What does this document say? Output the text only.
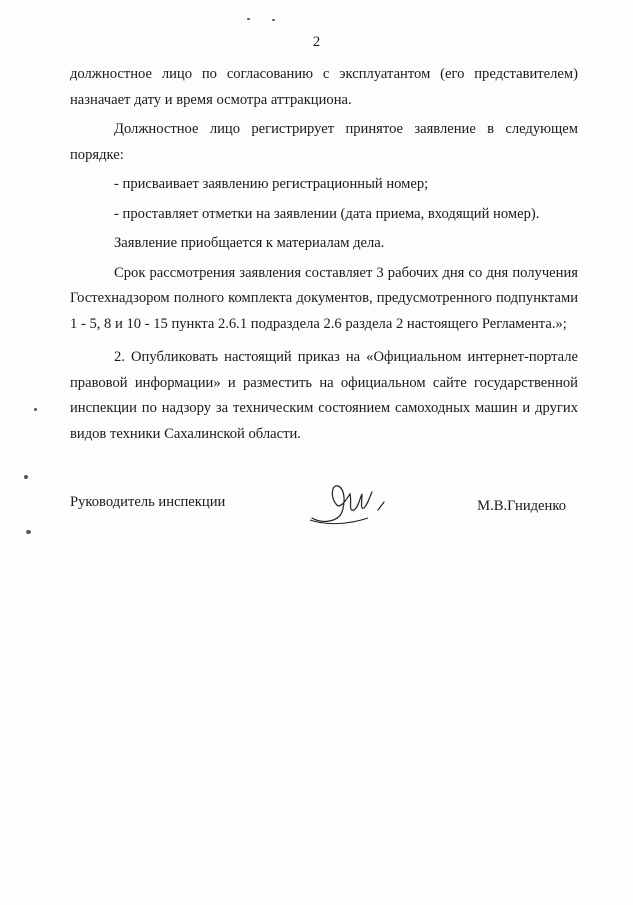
2

должностное лицо по согласованию с эксплуатантом (его представителем) назначает дату и время осмотра аттракциона.

Должностное лицо регистрирует принятое заявление в следующем порядке:

- присваивает заявлению регистрационный номер;

- проставляет отметки на заявлении (дата приема, входящий номер).

Заявление приобщается к материалам дела.

Срок рассмотрения заявления составляет 3 рабочих дня со дня получения Гостехнадзором полного комплекта документов, предусмотренного подпунктами 1 - 5, 8 и 10 - 15 пункта 2.6.1 подраздела 2.6 раздела 2 настоящего Регламента.»;

2. Опубликовать настоящий приказ на «Официальном интернет-портале правовой информации» и разместить на официальном сайте государственной инспекции по надзору за техническим состоянием самоходных машин и других видов техники Сахалинской области.

Руководитель инспекции	М.В.Гниденко
